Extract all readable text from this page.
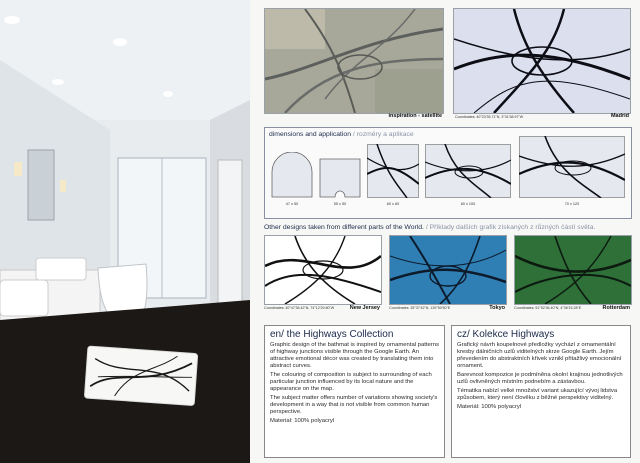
inspiration - satellite	Coordinates: 40°23'35.71"N, 3°31'58.97"W	Madrid
dimensions and application / rozměry a aplikace
47 x 50	55 x 50	60 x 60	60 x 100	70 x 120
Other designs taken from different parts of the World. / Příklady dalších grafik získaných z různých částí světa.
Coordinates: 40°47'36.42"N, 74°12'29.80"W	New Jersey	Coordinates: 35°37'42"N, 139°50'50"E	Tokyo	Coordinates: 51°52'36.40"N, 4°36'15.28"E	Rotterdam
en/ the Highways Collection

Graphic design of the bathmat is inspired by ornamental patterns of highway junctions visible through the Google Earth. An attractive emotional décor was created by translating them into abstract curves.

The colouring of composition is subject to surrounding of each particular junction influenced by its local nature and the appearance on the map.

The subject matter offers number of variations showing society's development in a way that is not visible from common human perspective.

Material: 100% polyacryl

cz/ Kolekce Highways

Grafický návrh koupelnové předložky vychází z ornamentální kresby dálničních uzlů viditelných skrze Google Earth. Jejím převedením do abstraktních křivek vznikl přitažlivý emocionální ornament.

Barevnost kompozice je podmíněna okolní krajinou jednotlivých uzlů ovlivněných místním podnebím a zástavbou.

Tématika nabízí velké množství variant ukazující vývoj lidstva způsobem, který není člověku z běžné perspektivy viditelný.

Materiál: 100% polyacryl
